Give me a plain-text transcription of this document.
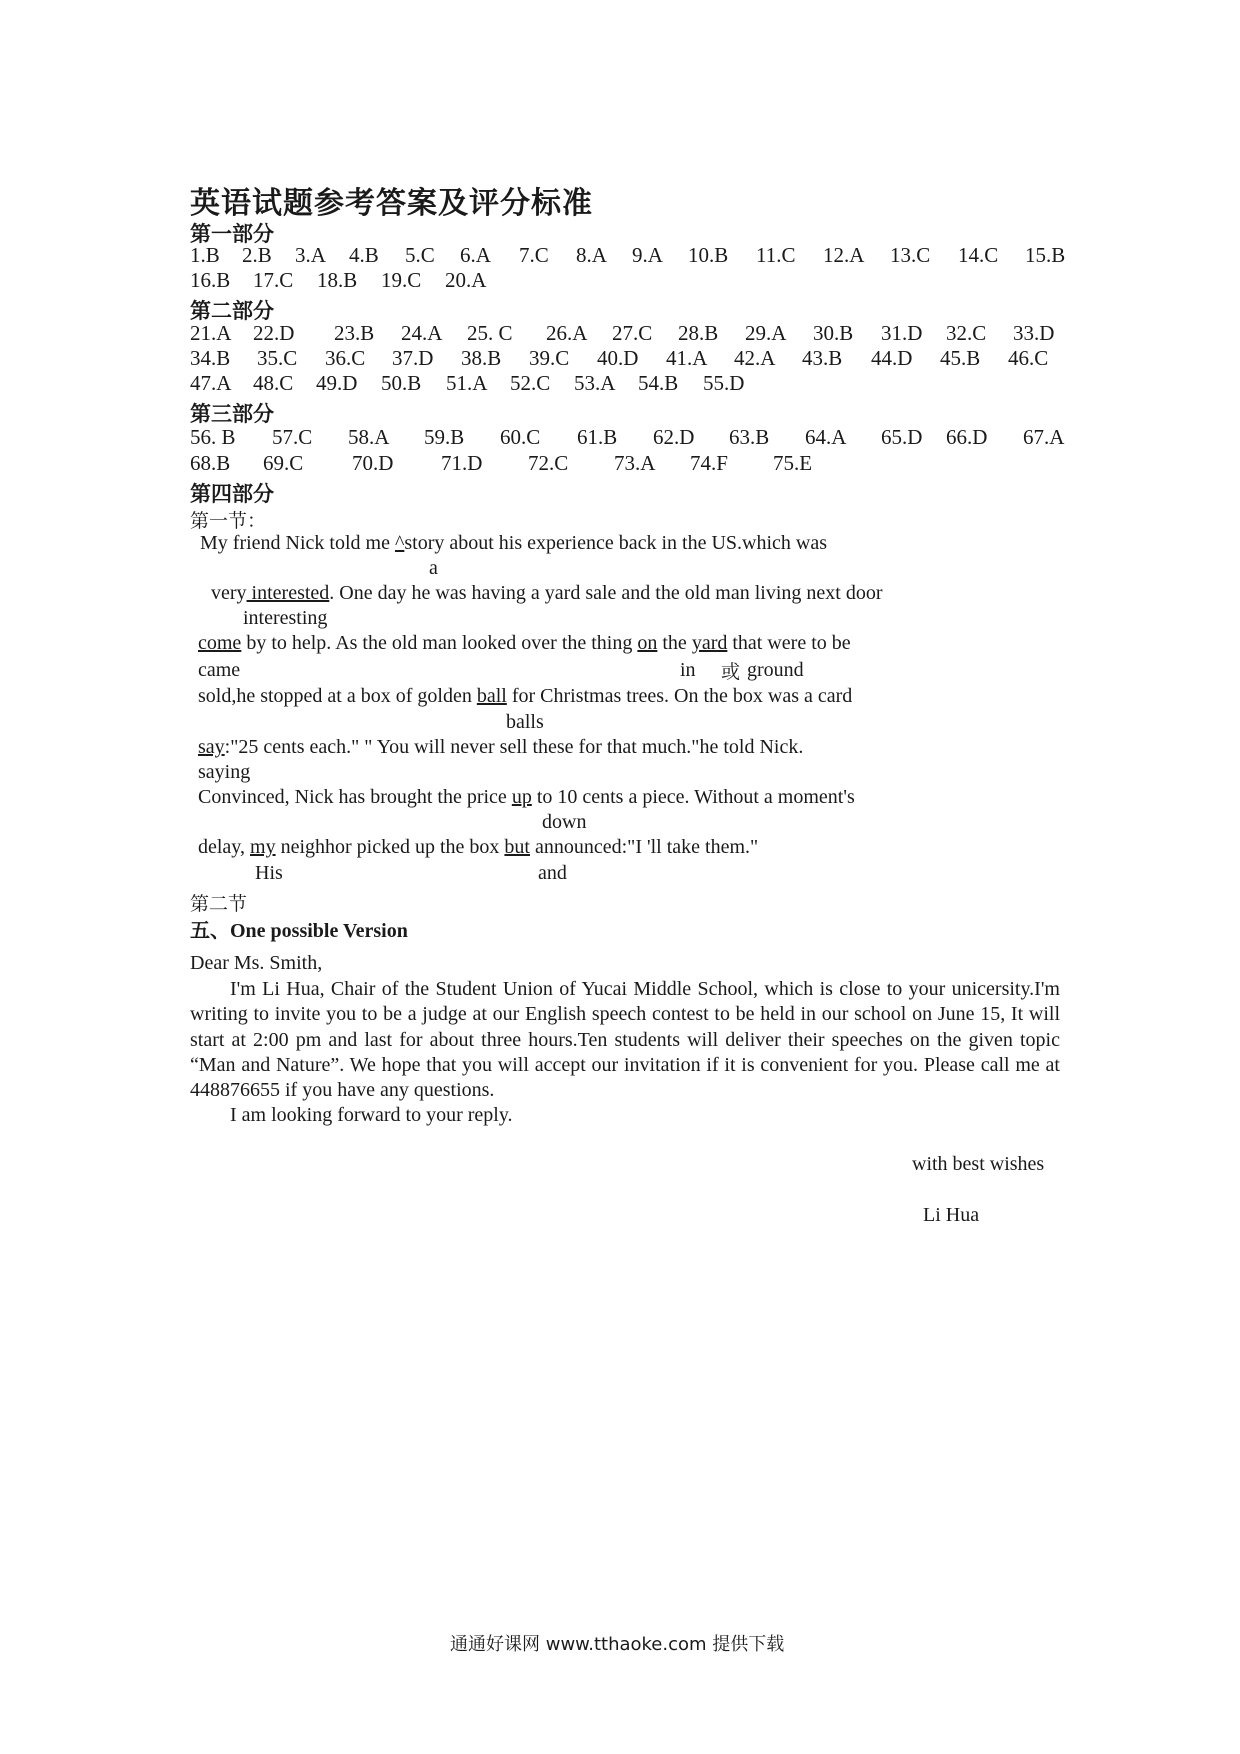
英语试题参考答案及评分标准
第一部分
1.B 2.B 3.A 4.B 5.C 6.A 7.C 8.A 9.A 10.B 11.C 12.A 13.C 14.C 15.B
16.B 17.C 18.B 19.C 20.A
第二部分
21.A 22.D 23.B 24.A 25. C 26.A 27.C 28.B 29.A 30.B 31.D 32.C 33.D
34.B 35.C 36.C 37.D 38.B 39.C 40.D 41.A 42.A 43.B 44.D 45.B 46.C
47.A 48.C 49.D 50.B 51.A 52.C 53.A 54.B 55.D
第三部分
56. B 57.C 58.A 59.B 60.C 61.B 62.D 63.B 64.A 65.D 66.D 67.A
68.B 69.C 70.D 71.D 72.C 73.A 74.F 75.E
第四部分
第一节：
My friend Nick told me ^story about his experience back in the US.which was
a
very interested. One day he was having a yard sale and the old man living next door
interesting
come by to help. As the old man looked over the thing on the yard that were to be
came	in 或 ground
sold,he stopped at a box of golden ball for Christmas trees. On the box was a card
balls
say:"25 cents each." " You will never sell these for that much."he told Nick.
saying
Convinced, Nick has brought the price up to 10 cents a piece. Without a moment's
down
delay, my neighhor picked up the box but announced:"I 'll take them."
His	and
第二节
五、One possible Version
Dear Ms. Smith,

I'm Li Hua, Chair of the Student Union of Yucai Middle School, which is close to your unicersity.I'm writing to invite you to be a judge at our English speech contest to be held in our school on June 15, It will start at 2:00 pm and last for about three hours.Ten students will deliver their speeches on the given topic “Man and Nature”. We hope that you will accept our invitation if it is convenient for you. Please call me at 448876655 if you have any questions.

I am looking forward to your reply.

with best wishes
Li Hua
通通好课网 www.tthaoke.com 提供下载
